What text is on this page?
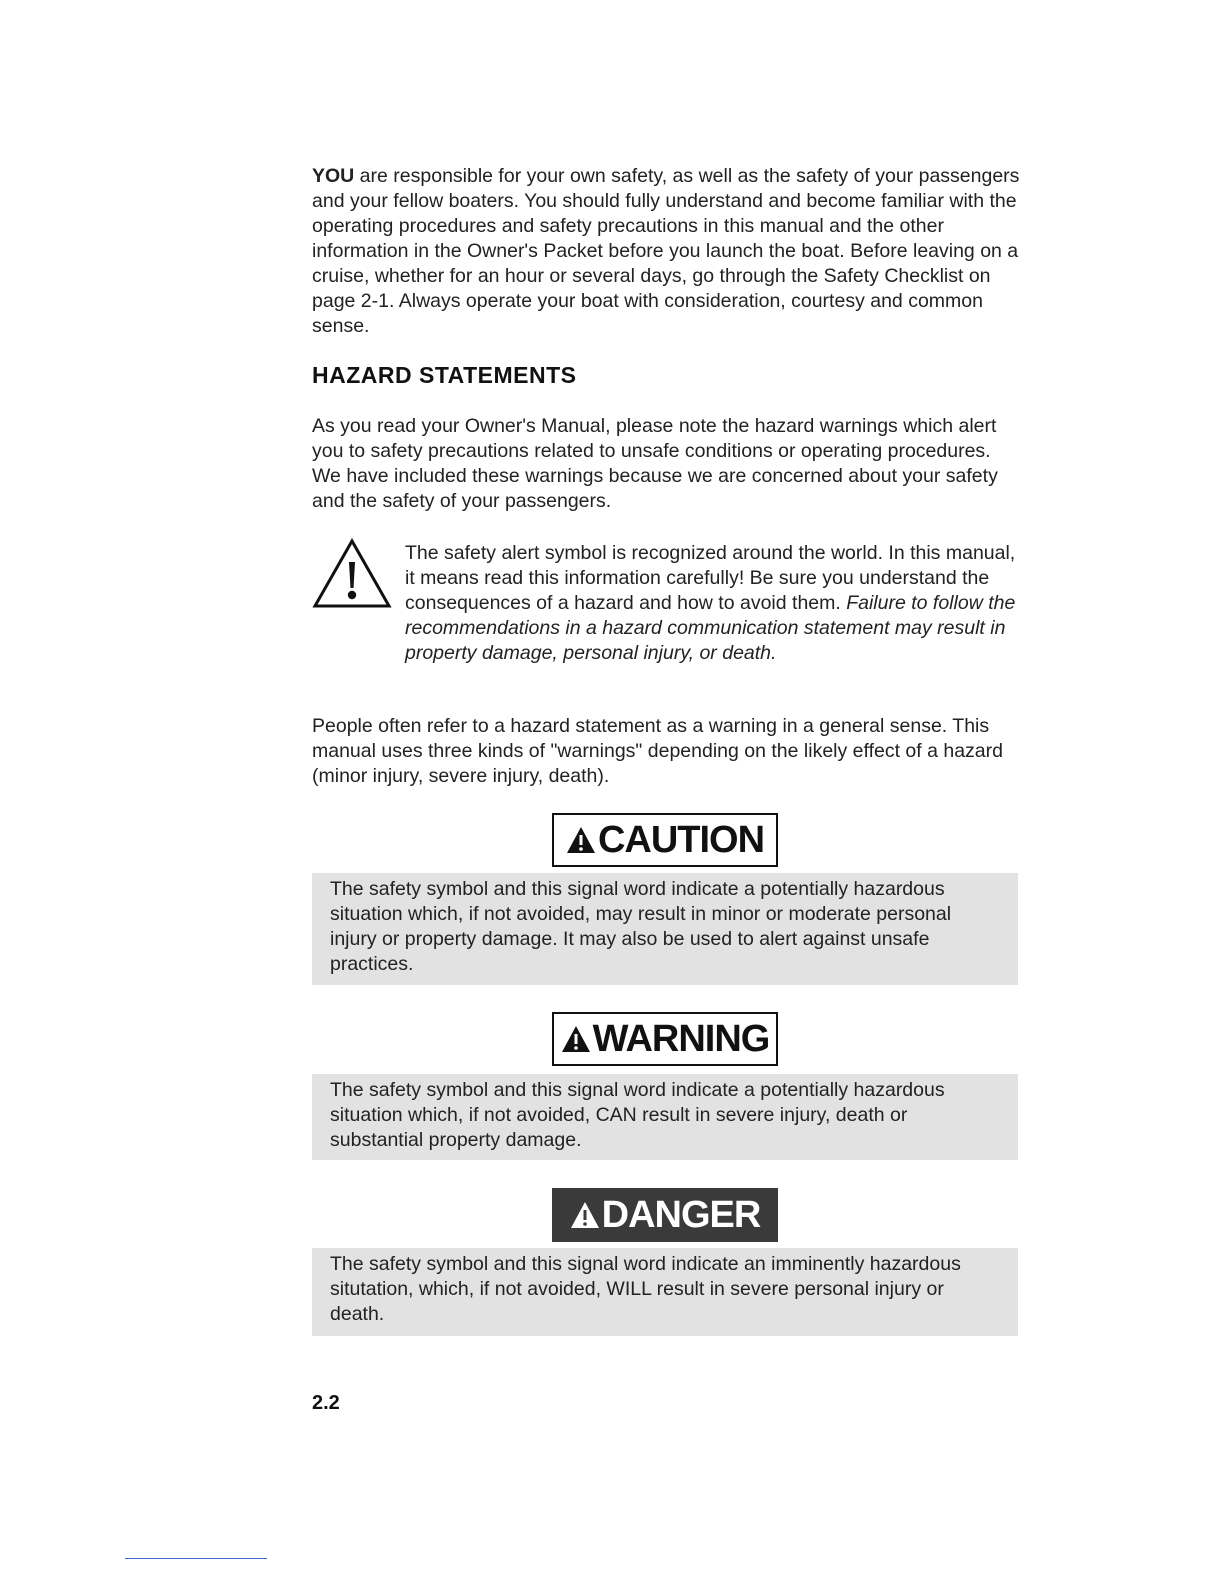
YOU are responsible for your own safety, as well as the safety of your passengers and your fellow boaters. You should fully understand and become familiar with the operating procedures and safety precautions in this manual and the other information in the Owner's Packet before you launch the boat. Before leaving on a cruise, whether for an hour or several days, go through the Safety Checklist on page 2-1. Always operate your boat with consideration, courtesy and common sense.
HAZARD STATEMENTS
As you read your Owner's Manual, please note the hazard warnings which alert you to safety precautions related to unsafe conditions or operating procedures. We have included these warnings because we are concerned about your safety and the safety of your passengers.
The safety alert symbol is recognized around the world. In this manual, it means read this information carefully! Be sure you understand the consequences of a hazard and how to avoid them. Failure to follow the recommendations in a hazard communication statement may result in property damage, personal injury, or death.
People often refer to a hazard statement as a warning in a general sense. This manual uses three kinds of "warnings" depending on the likely effect of a hazard (minor injury, severe injury, death).
CAUTION
The safety symbol and this signal word indicate a potentially hazardous situation which, if not avoided, may result in minor or moderate personal injury or property damage. It may also be used to alert against unsafe practices.
WARNING
The safety symbol and this signal word indicate a potentially hazardous situation which, if not avoided, CAN result in severe injury, death or substantial property damage.
DANGER
The safety symbol and this signal word indicate an imminently hazardous situtation, which, if not avoided, WILL result in severe personal injury or death.
2.2
